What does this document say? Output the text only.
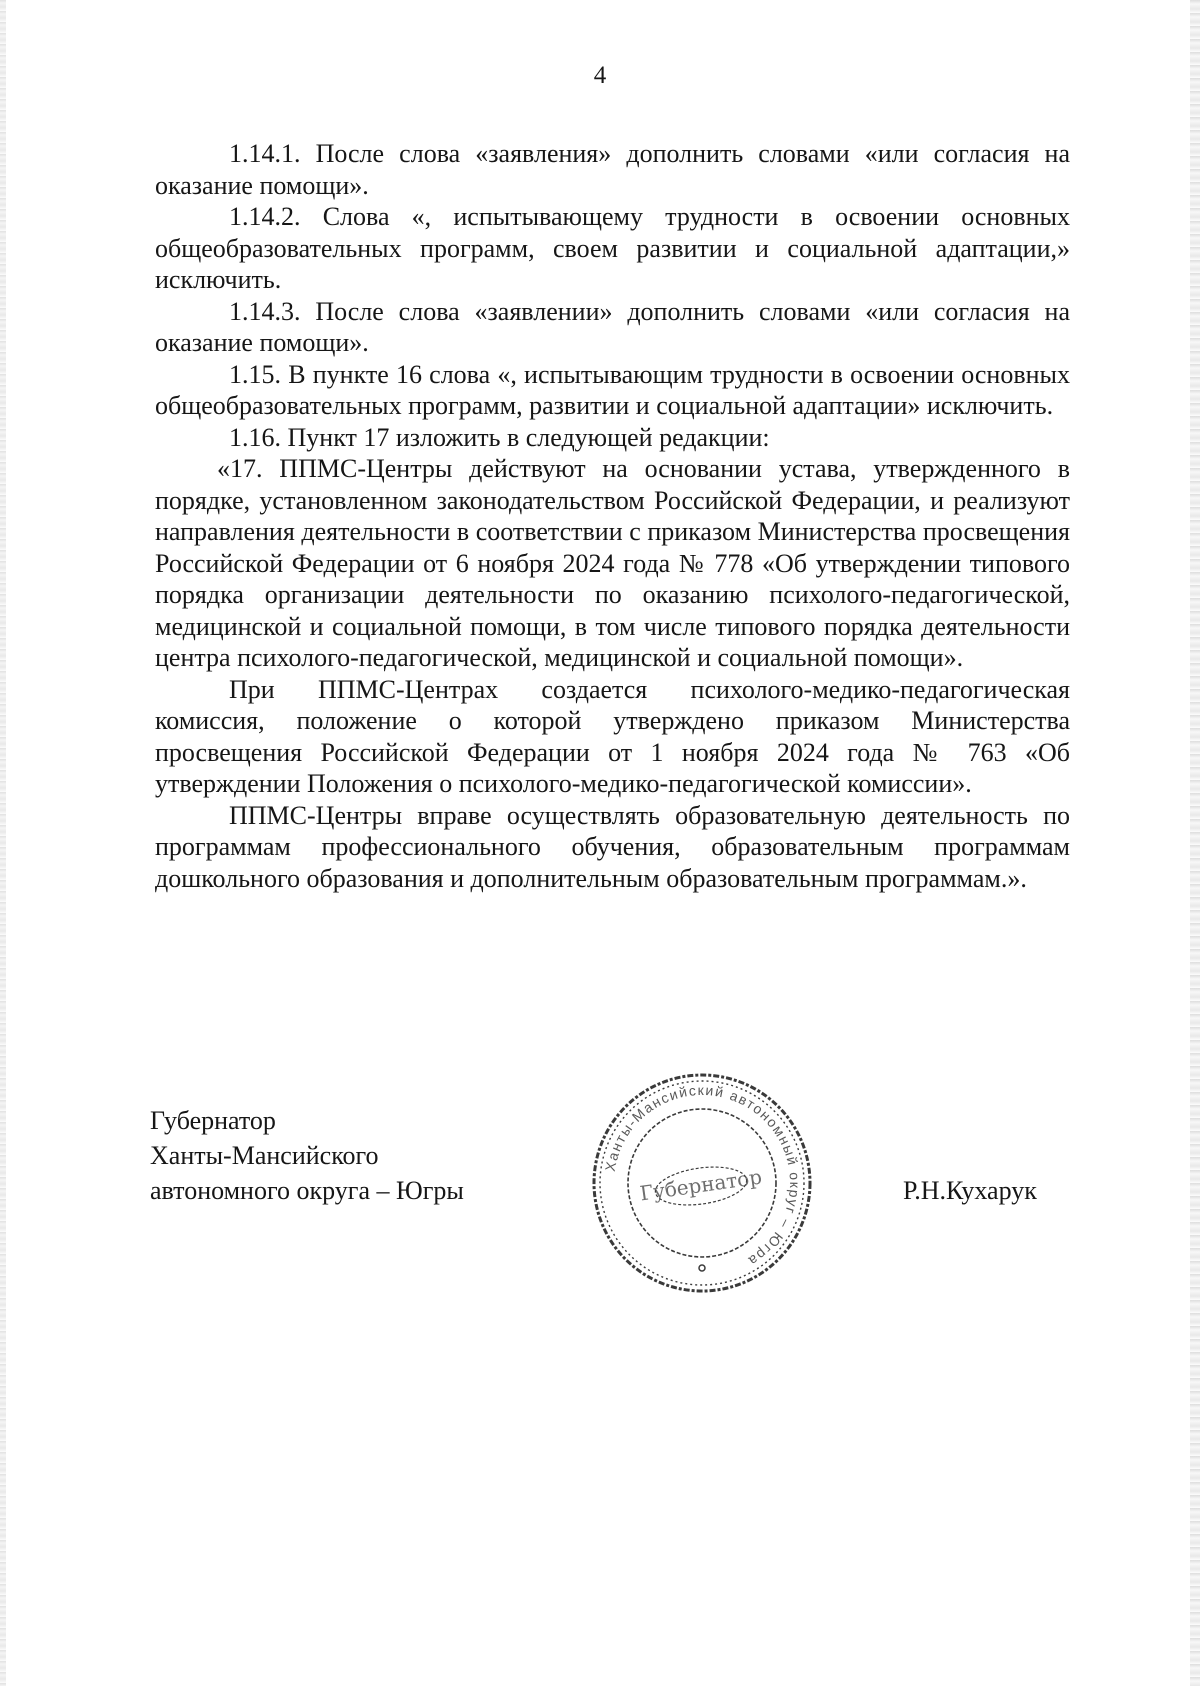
4

1.14.1. После слова «заявления» дополнить словами «или согласия на оказание помощи».

1.14.2. Слова «, испытывающему трудности в освоении основных общеобразовательных программ, своем развитии и социальной адаптации,» исключить.

1.14.3. После слова «заявлении» дополнить словами «или согласия на оказание помощи».

1.15. В пункте 16 слова «, испытывающим трудности в освоении основных общеобразовательных программ, развитии и социальной адаптации» исключить.

1.16. Пункт 17 изложить в следующей редакции:

«17. ППМС-Центры действуют на основании устава, утвержденного в порядке, установленном законодательством Российской Федерации, и реализуют направления деятельности в соответствии с приказом Министерства просвещения Российской Федерации от 6 ноября 2024 года № 778 «Об утверждении типового порядка организации деятельности по оказанию психолого-педагогической, медицинской и социальной помощи, в том числе типового порядка деятельности центра психолого-педагогической, медицинской и социальной помощи».

При ППМС-Центрах создается психолого-медико-педагогическая комиссия, положение о которой утверждено приказом Министерства просвещения Российской Федерации от 1 ноября 2024 года № 763 «Об утверждении Положения о психолого-медико-педагогической комиссии».

ППМС-Центры вправе осуществлять образовательную деятельность по программам профессионального обучения, образовательным программам дошкольного образования и дополнительным образовательным программам.».

Губернатор
Ханты-Мансийского
автономного округа – Югры
Ханты-Мансийский автономный округ – Югра
Губернатор	Р.Н.Кухарук
